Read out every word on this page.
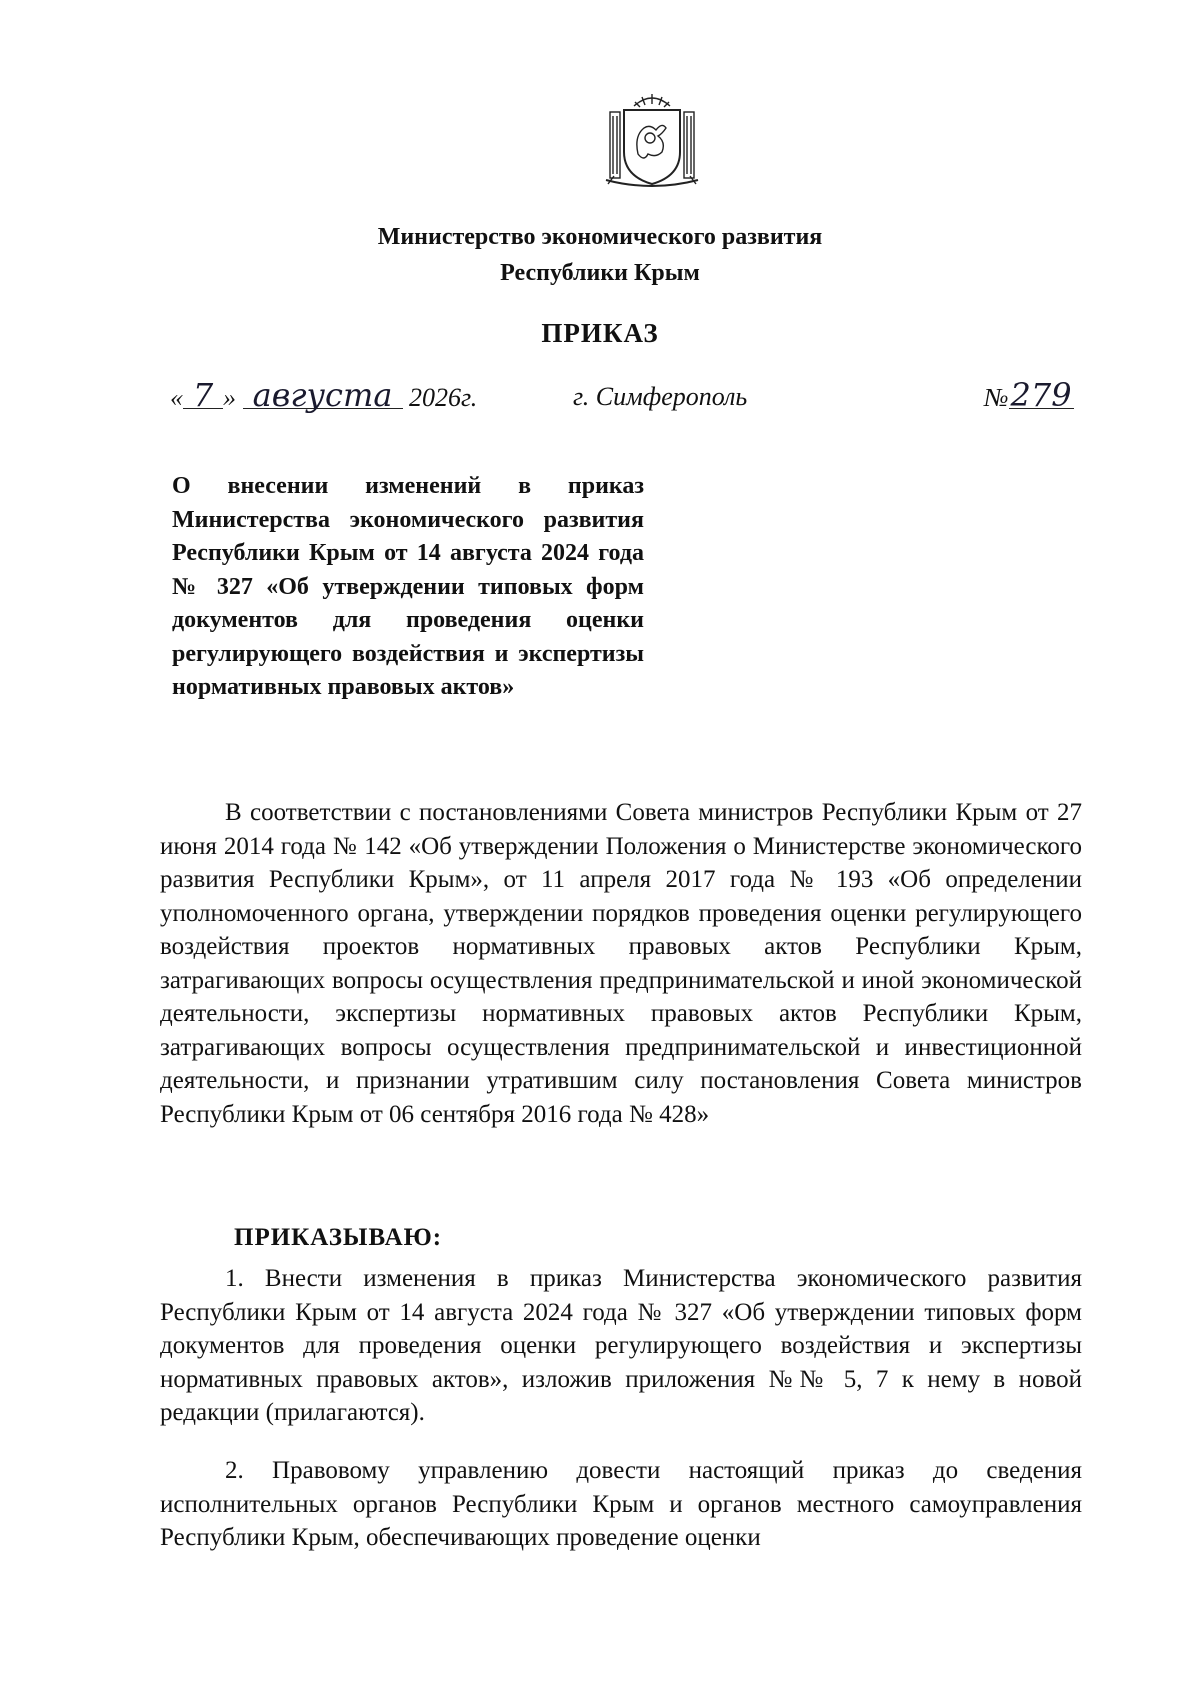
Министерство экономического развития
Республики Крым
ПРИКАЗ
« 7 » августа 2026г.	г. Симферополь	№279
О внесении изменений в приказ Министерства экономического развития Республики Крым от 14 августа 2024 года № 327 «Об утверждении типовых форм документов для проведения оценки регулирующего воздействия и экспертизы нормативных правовых актов»
В соответствии с постановлениями Совета министров Республики Крым от 27 июня 2014 года № 142 «Об утверждении Положения о Министерстве экономического развития Республики Крым», от 11 апреля 2017 года № 193 «Об определении уполномоченного органа, утверждении порядков проведения оценки регулирующего воздействия проектов нормативных правовых актов Республики Крым, затрагивающих вопросы осуществления предпринимательской и иной экономической деятельности, экспертизы нормативных правовых актов Республики Крым, затрагивающих вопросы осуществления предпринимательской и инвестиционной деятельности, и признании утратившим силу постановления Совета министров Республики Крым от 06 сентября 2016 года № 428»
ПРИКАЗЫВАЮ:
1. Внести изменения в приказ Министерства экономического развития Республики Крым от 14 августа 2024 года № 327 «Об утверждении типовых форм документов для проведения оценки регулирующего воздействия и экспертизы нормативных правовых актов», изложив приложения №№ 5, 7 к нему в новой редакции (прилагаются).
2. Правовому управлению довести настоящий приказ до сведения исполнительных органов Республики Крым и органов местного самоуправления Республики Крым, обеспечивающих проведение оценки
